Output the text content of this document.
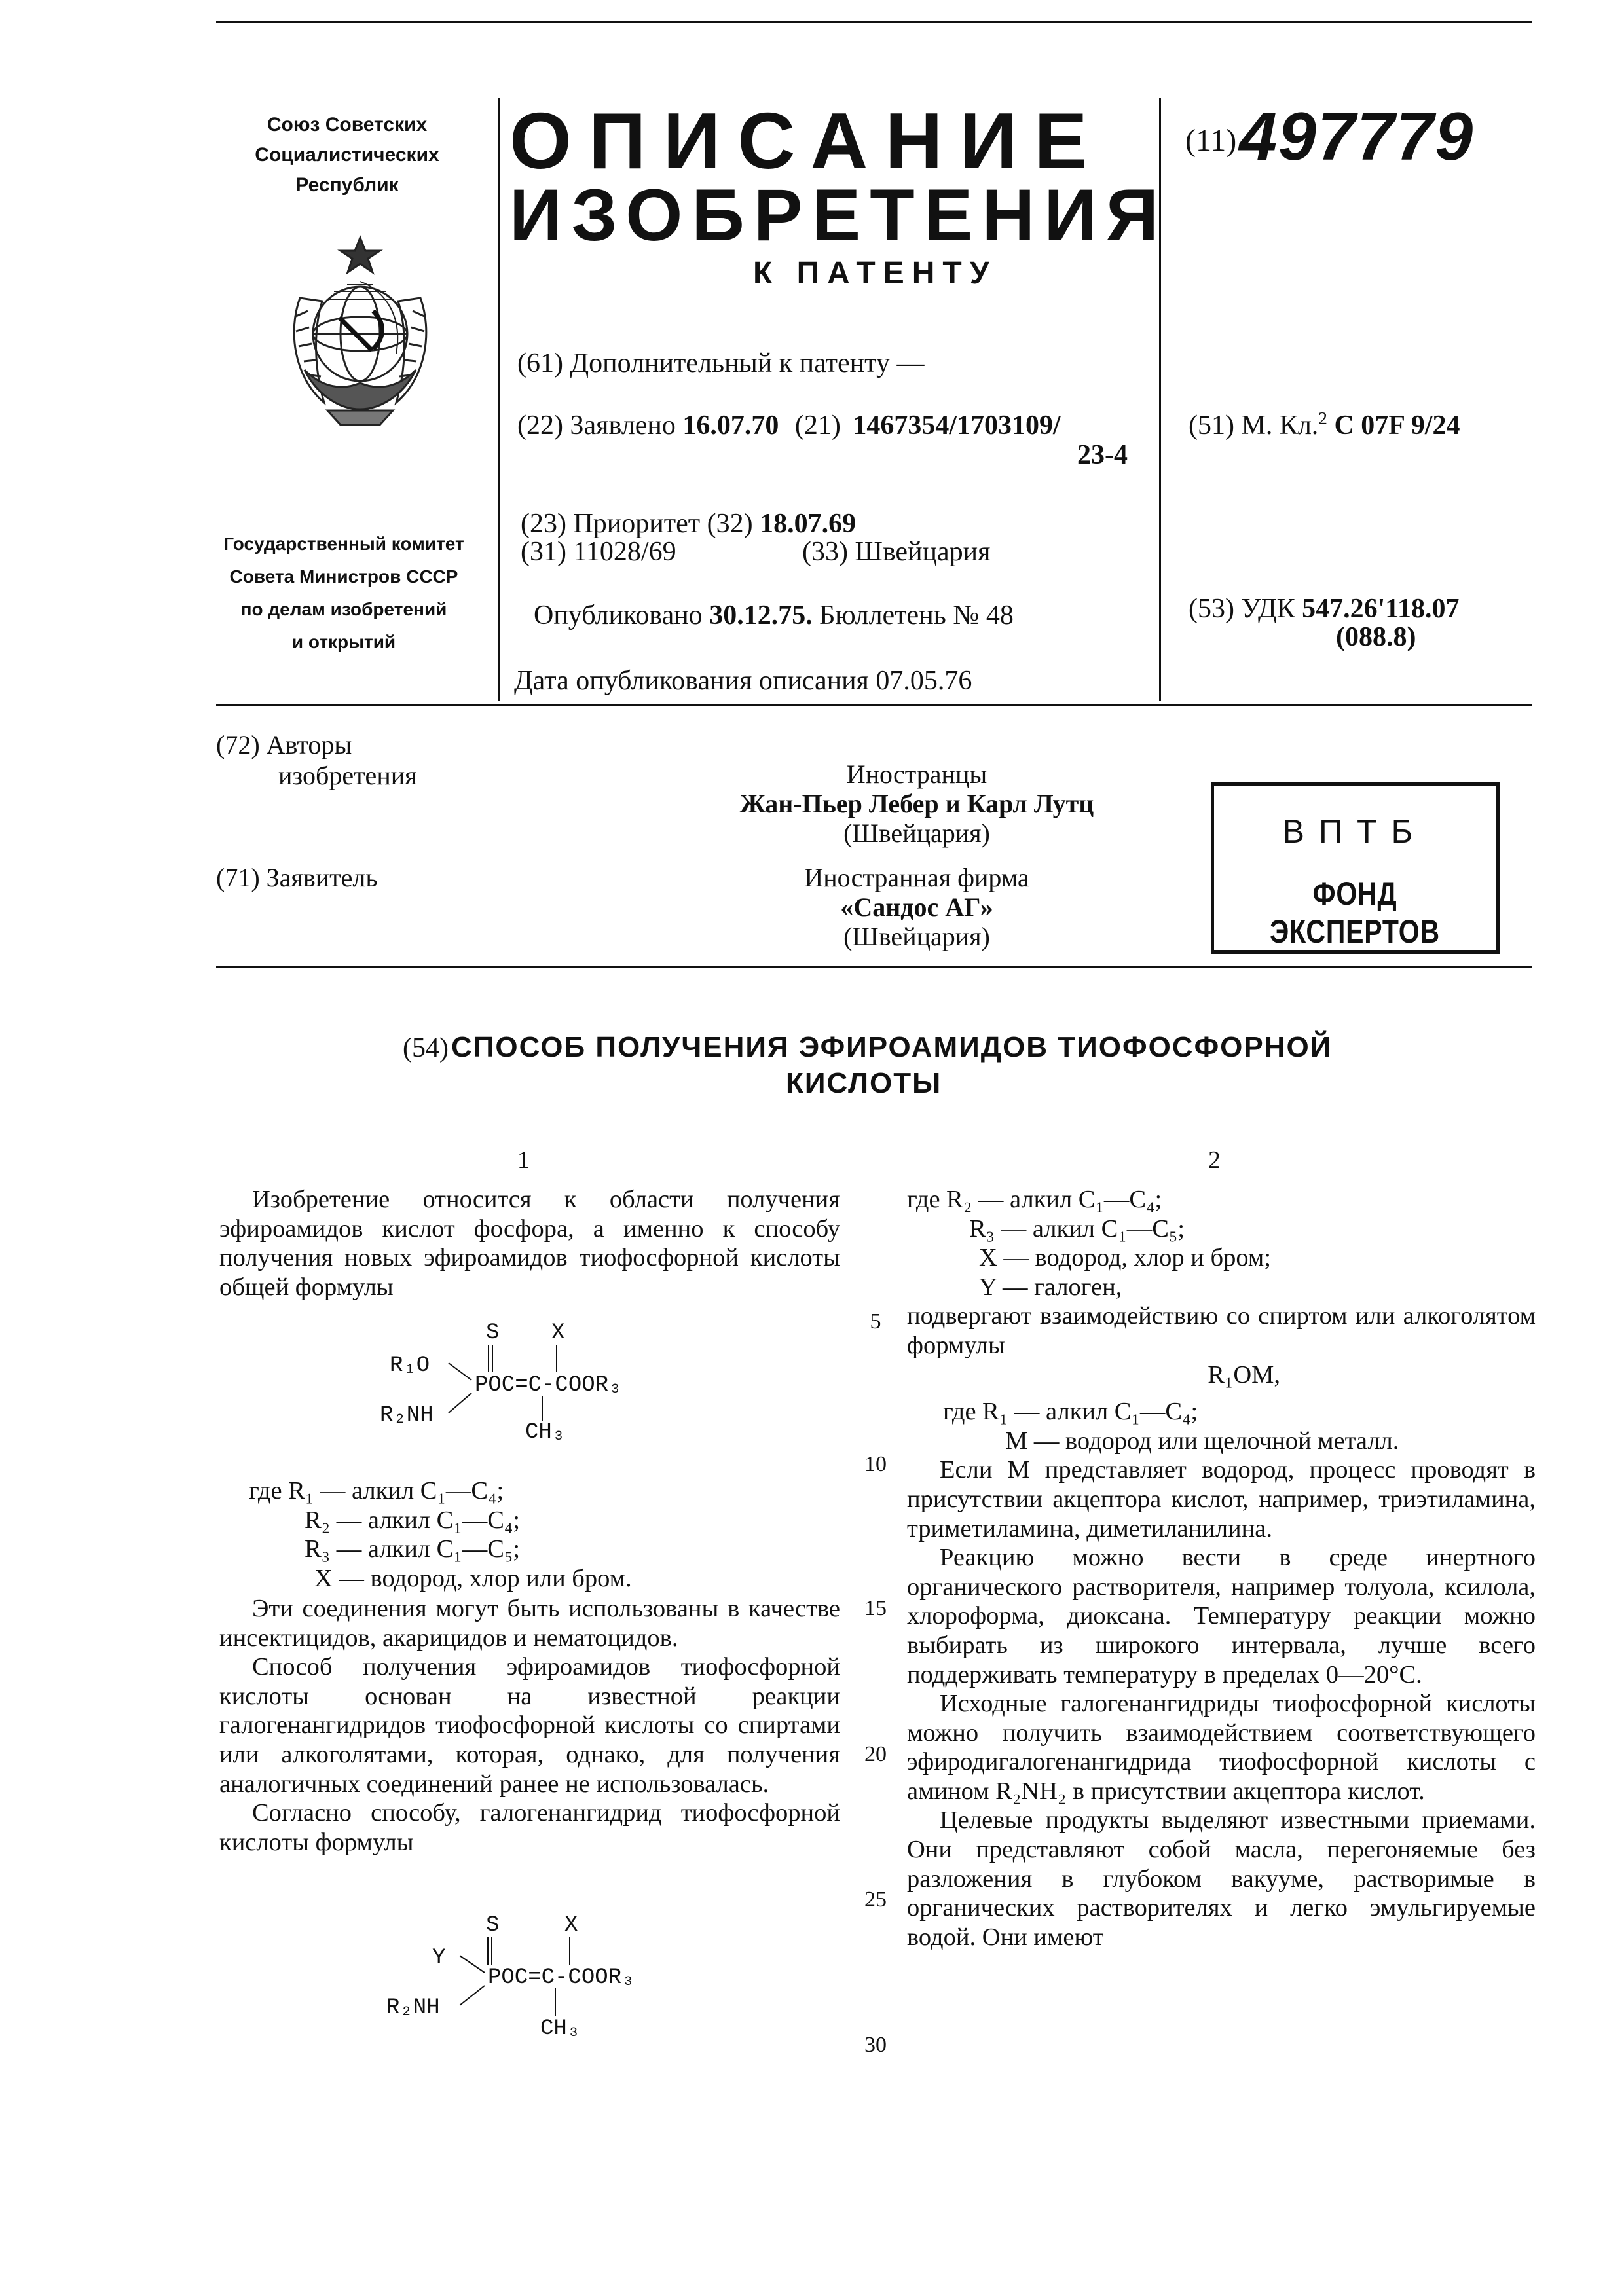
Союз Советских
Социалистических
Республик
Государственный комитет
Совета Министров СССР
по делам изобретений
и открытий
ОПИСАНИЕ
ИЗОБРЕТЕНИЯ
К ПАТЕНТУ
(11) 497779
(61) Дополнительный к патенту —
(22) Заявлено 16.07.70 (21) 1467354/1703109/
23-4
(51) М. Кл.$^2$ C 07F 9/24
(23) Приоритет (32) 18.07.69
(31) 11028/69	(33) Швейцария
Опубликовано 30.12.75. Бюллетень № 48	(53) УДК 547.26'118.07
(088.8)
Дата опубликования описания 07.05.76
(72) Авторы
изобретения	Иностранцы
Жан-Пьер Лебер и Карл Лутц
(Швейцария)
(71) Заявитель	Иностранная фирма
«Сандос АГ»
(Швейцария)
ВПТБ
ФОНД ЭКСПЕРТОВ
(54) СПОСОБ ПОЛУЧЕНИЯ ЭФИРОАМИДОВ ТИОФОСФОРНОЙ
КИСЛОТЫ
1	2

Изобретение относится к области получения эфироамидов кислот фосфора, а именно к способу получения новых эфироамидов тиофосфорной кислоты общей формулы

S X
R₁O
POC=C-COOR₃
R₂NH
CH₃

где R₁ — алкил C₁—C₄;

R₂ — алкил C₁—C₄;

R₃ — алкил C₁—C₅;

X — водород, хлор или бром.

Эти соединения могут быть использованы в качестве инсектицидов, акарицидов и нематоцидов.

Способ получения эфироамидов тиофосфорной кислоты основан на известной реакции галогенангидридов тиофосфорной кислоты со спиртами или алкоголятами, которая, однако, для получения аналогичных соединений ранее не использовалась.

Согласно способу, галогенангидрид тиофосфорной кислоты формулы

S	X
Y
POC=C-COOR₃
R₂NH
CH₃
5
10
15
20
25
30

где R₂ — алкил C₁—C₄;

R₃ — алкил C₁—C₅;

X — водород, хлор и бром;

Y — галоген,

подвергают взаимодействию со спиртом или алкоголятом формулы

R₁OM,

где R₁ — алкил C₁—C₄;

M — водород или щелочной металл.

Если M представляет водород, процесс проводят в присутствии акцептора кислот, например, триэтиламина, триметиламина, диметиланилина.

Реакцию можно вести в среде инертного органического растворителя, например толуола, ксилола, хлороформа, диоксана. Температуру реакции можно выбирать из широкого интервала, лучше всего поддерживать температуру в пределах 0—20°C.

Исходные галогенангидриды тиофосфорной кислоты можно получить взаимодействием соответствующего эфиродигалогенангидрида тиофосфорной кислоты с амином R₂NH₂ в присутствии акцептора кислот.

Целевые продукты выделяют известными приемами. Они представляют собой масла, перегоняемые без разложения в глубоком вакууме, растворимые в органических растворителях и легко эмульгируемые водой. Они имеют
